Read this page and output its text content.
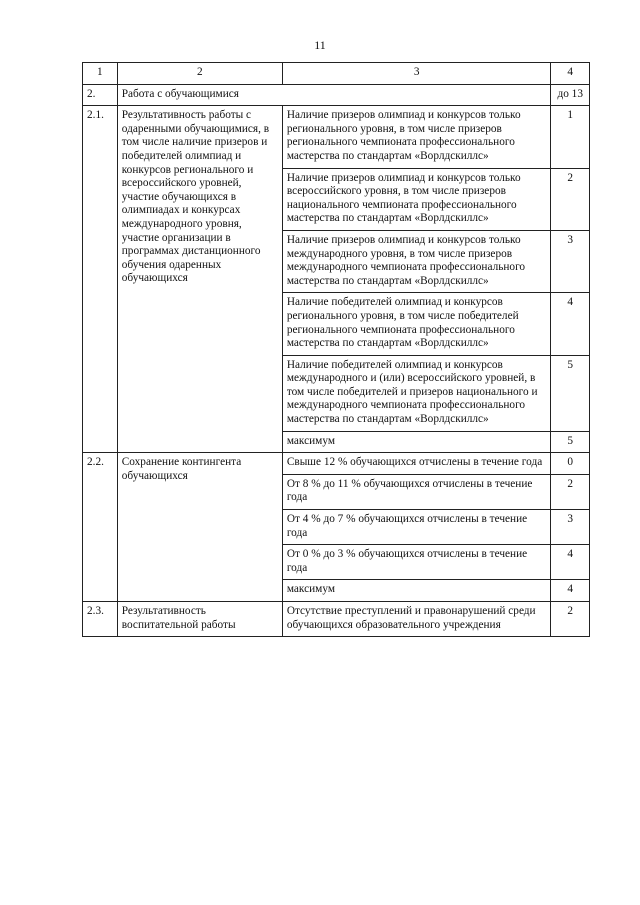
11
1	2	3	4
2.	Работа с обучающимися		до 13
2.1.	Результативность работы с одаренными обучающимися, в том числе наличие призеров и победителей олимпиад и конкурсов регионального и всероссийского уровней, участие обучающихся в олимпиадах и конкурсах международного уровня, участие организации в программах дистанционного обучения одаренных обучающихся	Наличие призеров олимпиад и конкурсов только регионального уровня, в том числе призеров регионального чемпионата профессионального мастерства по стандартам «Ворлдскиллс»	1
		Наличие призеров олимпиад и конкурсов только всероссийского уровня, в том числе призеров национального чемпионата профессионального мастерства по стандартам «Ворлдскиллс»	2
		Наличие призеров олимпиад и конкурсов только международного уровня, в том числе призеров международного чемпионата профессионального мастерства по стандартам «Ворлдскиллс»	3
		Наличие победителей олимпиад и конкурсов регионального уровня, в том числе победителей регионального чемпионата профессионального мастерства по стандартам «Ворлдскиллс»	4
		Наличие победителей олимпиад и конкурсов международного и (или) всероссийского уровней, в том числе победителей и призеров национального и международного чемпионата профессионального мастерства по стандартам «Ворлдскиллс»	5
		максимум	5
2.2.	Сохранение контингента обучающихся	Свыше 12 % обучающихся отчислены в течение года	0
		От 8 % до 11 % обучающихся отчислены в течение года	2
		От 4 % до 7 % обучающихся отчислены в течение года	3
		От 0 % до 3 % обучающихся отчислены в течение года	4
		максимум	4
2.3.	Результативность воспитательной работы	Отсутствие преступлений и правонарушений среди обучающихся образовательного учреждения	2
